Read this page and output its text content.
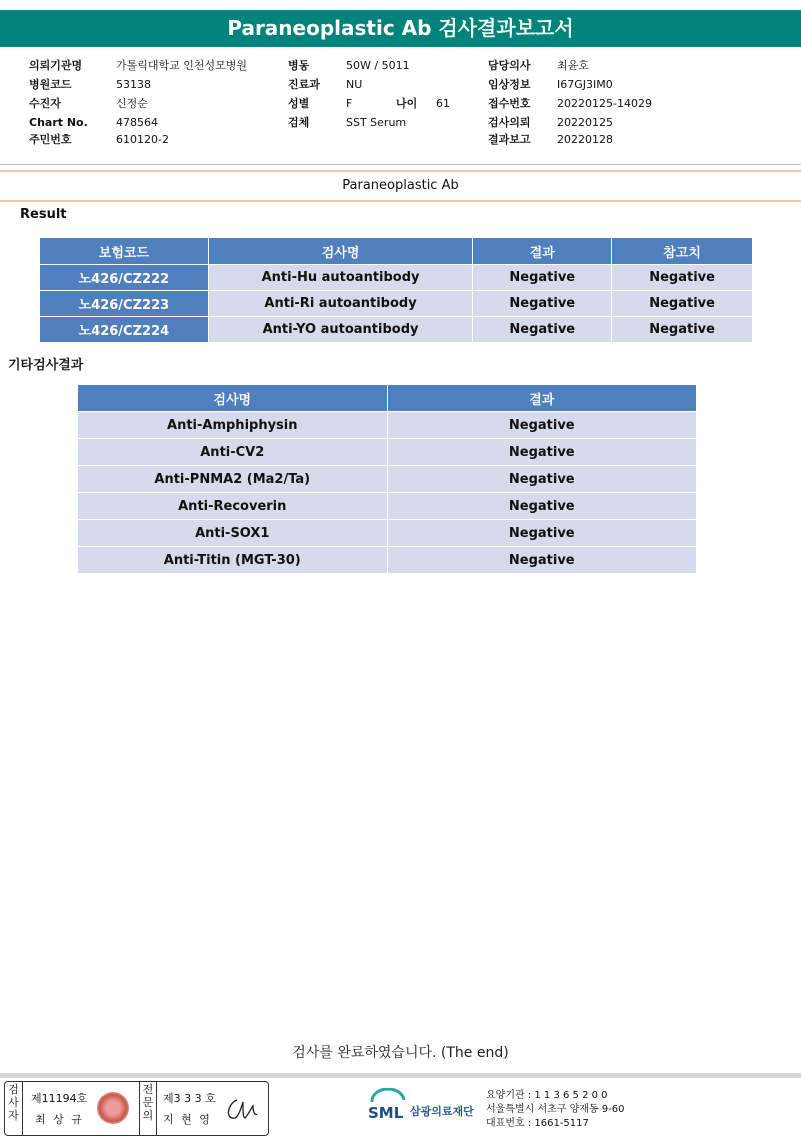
Paraneoplastic Ab 검사결과보고서
의뢰기관명	가톨릭대학교 인천성모병원
병원코드	53138
수진자	신정순
Chart No.	478564
주민번호	610120-2
병동	50W / 5011
진료과 NU
성별	F	나이 61
검체	SST Serum
담당의사 최윤호
임상정보 I67GJ3IM0
접수번호 20220125-14029
검사의뢰 20220125
결과보고 20220128
Paraneoplastic Ab
Result
보험코드	검사명	결과	참고치
노426/CZ222	Anti-Hu autoantibody	Negative	Negative
노426/CZ223	Anti-Ri autoantibody	Negative	Negative
노426/CZ224	Anti-YO autoantibody	Negative	Negative
기타검사결과
검사명	결과
Anti-Amphiphysin	Negative
Anti-CV2	Negative
Anti-PNMA2 (Ma2/Ta)	Negative
Anti-Recoverin	Negative
Anti-SOX1	Negative
Anti-Titin (MGT-30)	Negative
검사를 완료하였습니다. (The end)
검사자
제11194호
최 상 규
전문의
제3 3 3 호
지 현 영	SML 삼광의료재단
요양기관 : 1 1 3 6 5 2 0 0
서울특별시 서초구 양재동 9-60
대표번호 : 1661-5117
